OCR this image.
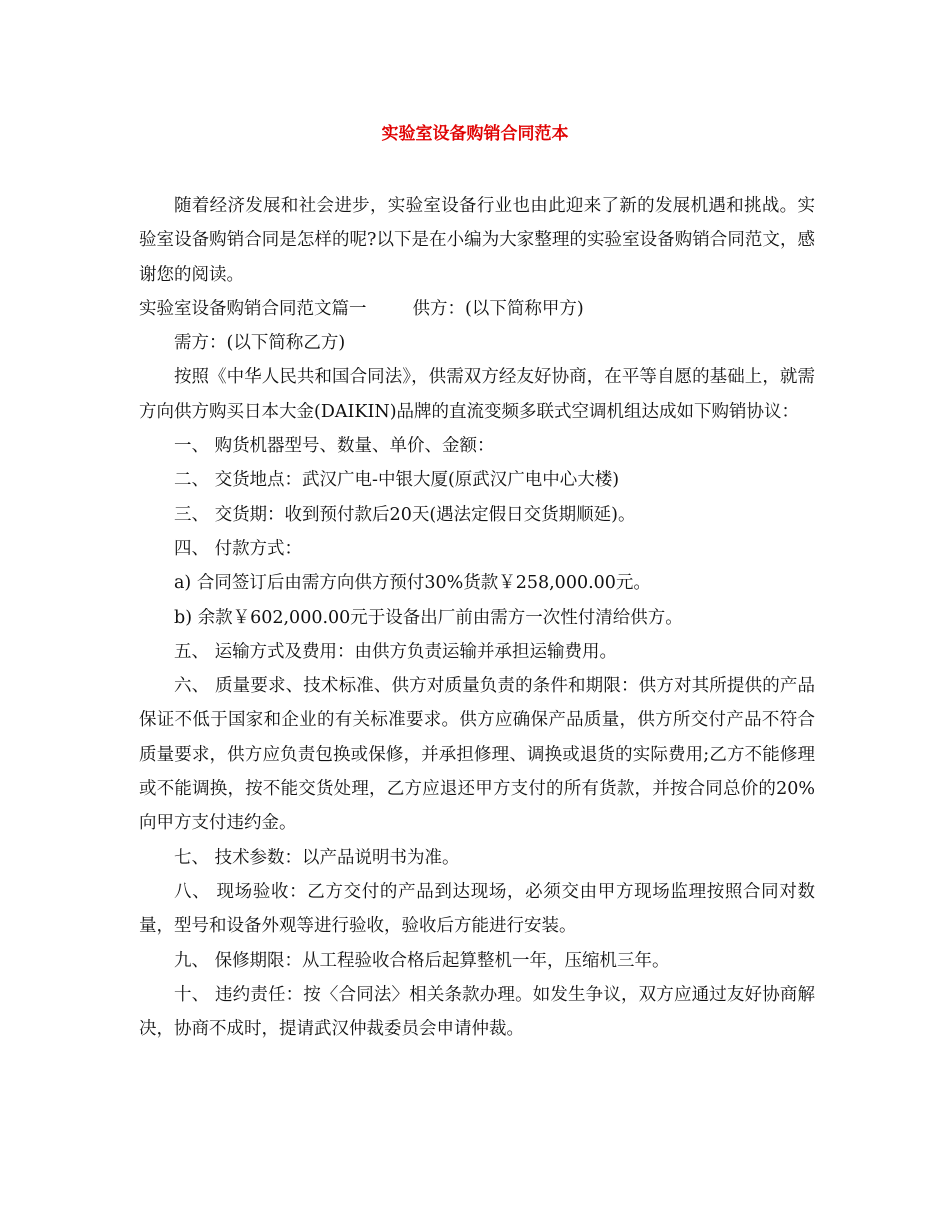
实验室设备购销合同范本

随着经济发展和社会进步，实验室设备行业也由此迎来了新的发展机遇和挑战。实验室设备购销合同是怎样的呢?以下是在小编为大家整理的实验室设备购销合同范文，感谢您的阅读。

实验室设备购销合同范文篇一	供方：(以下简称甲方)

需方：(以下简称乙方)

按照《中华人民共和国合同法》，供需双方经友好协商，在平等自愿的基础上，就需方向供方购买日本大金(DAIKIN)品牌的直流变频多联式空调机组达成如下购销协议：

一、 购货机器型号、数量、单价、金额：

二、 交货地点：武汉广电-中银大厦(原武汉广电中心大楼)

三、 交货期：收到预付款后20天(遇法定假日交货期顺延)。

四、 付款方式：

a) 合同签订后由需方向供方预付30%货款￥258,000.00元。

b) 余款￥602,000.00元于设备出厂前由需方一次性付清给供方。

五、 运输方式及费用：由供方负责运输并承担运输费用。

六、 质量要求、技术标准、供方对质量负责的条件和期限：供方对其所提供的产品保证不低于国家和企业的有关标准要求。供方应确保产品质量，供方所交付产品不符合质量要求，供方应负责包换或保修，并承担修理、调换或退货的实际费用;乙方不能修理或不能调换，按不能交货处理，乙方应退还甲方支付的所有货款，并按合同总价的20%向甲方支付违约金。

七、 技术参数：以产品说明书为准。

八、 现场验收：乙方交付的产品到达现场，必须交由甲方现场监理按照合同对数量，型号和设备外观等进行验收，验收后方能进行安装。

九、 保修期限：从工程验收合格后起算整机一年，压缩机三年。

十、 违约责任：按〈合同法〉相关条款办理。如发生争议，双方应通过友好协商解决，协商不成时，提请武汉仲裁委员会申请仲裁。
